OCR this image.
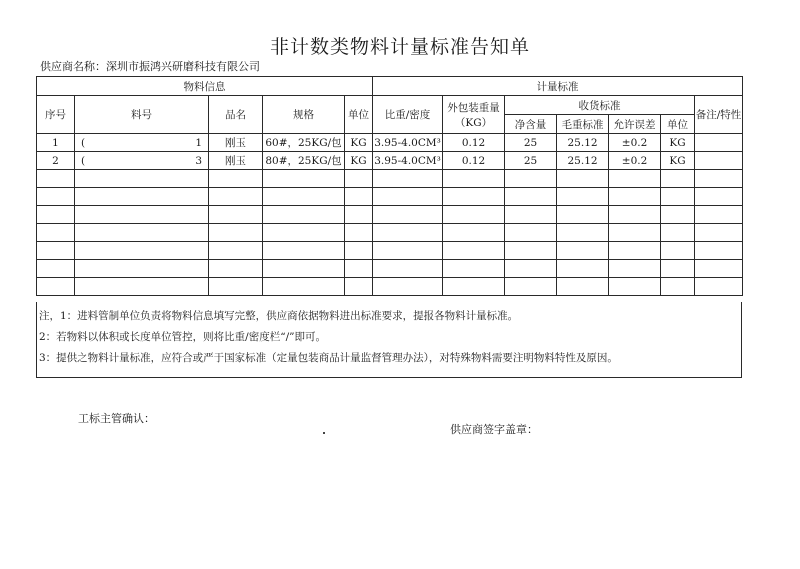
非计数类物料计量标准告知单
供应商名称：深圳市振鸿兴研磨科技有限公司
物料信息					计量标准						
序号	料号	品名	规格	单位	比重/密度	外包装重量
（KG）	收货标准				备注/特性
							净含量	毛重标准	允许误差	单位	
1	( 1	刚玉	60#，25KG/包	KG	3.95-4.0CM³	0.12	25	25.12	±0.2	KG	
2	( 3	刚玉	80#，25KG/包	KG	3.95-4.0CM³	0.12	25	25.12	±0.2	KG	

注，1：进料管制单位负责将物料信息填写完整，供应商依据物料进出标准要求，提报各物料计量标准。
2：若物料以体积或长度单位管控，则将比重/密度栏“/”即可。
3：提供之物料计量标准，应符合或严于国家标准（定量包装商品计量监督管理办法），对特殊物料需要注明物料特性及原因。
工标主管确认：
供应商签字盖章：
